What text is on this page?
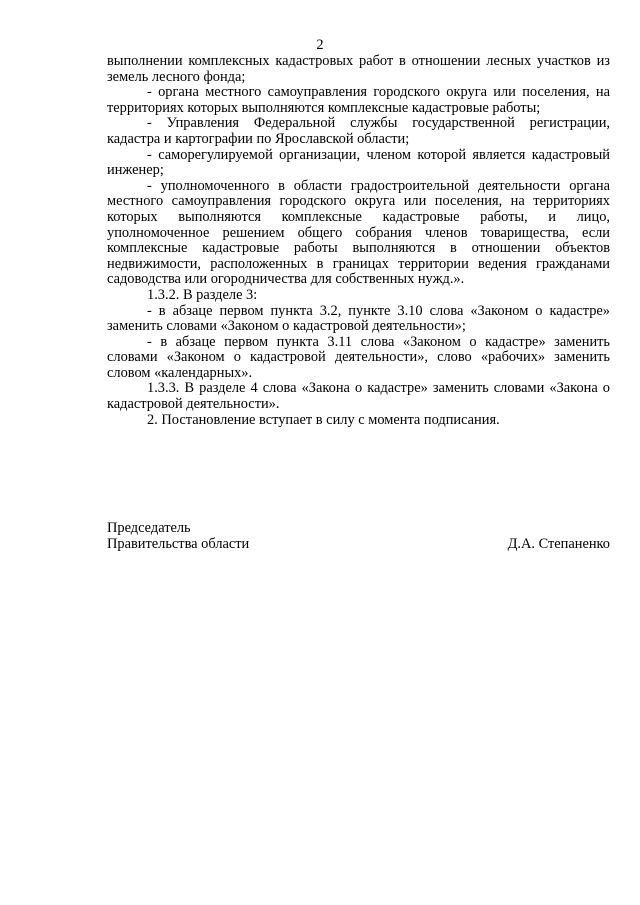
2

выполнении комплексных кадастровых работ в отношении лесных участков из земель лесного фонда;

- органа местного самоуправления городского округа или поселения, на территориях которых выполняются комплексные кадастровые работы;

- Управления Федеральной службы государственной регистрации, кадастра и картографии по Ярославской области;

- саморегулируемой организации, членом которой является кадастровый инженер;

- уполномоченного в области градостроительной деятельности органа местного самоуправления городского округа или поселения, на территориях которых выполняются комплексные кадастровые работы, и лицо, уполномоченное решением общего собрания членов товарищества, если комплексные кадастровые работы выполняются в отношении объектов недвижимости, расположенных в границах территории ведения гражданами садоводства или огородничества для собственных нужд.».

1.3.2. В разделе 3:

- в абзаце первом пункта 3.2, пункте 3.10 слова «Законом о кадастре» заменить словами «Законом о кадастровой деятельности»;

- в абзаце первом пункта 3.11 слова «Законом о кадастре» заменить словами «Законом о кадастровой деятельности», слово «рабочих» заменить словом «календарных».

1.3.3. В разделе 4 слова «Закона о кадастре» заменить словами «Закона о кадастровой деятельности».

2. Постановление вступает в силу с момента подписания.

Председатель
Правительства области	Д.А. Степаненко
